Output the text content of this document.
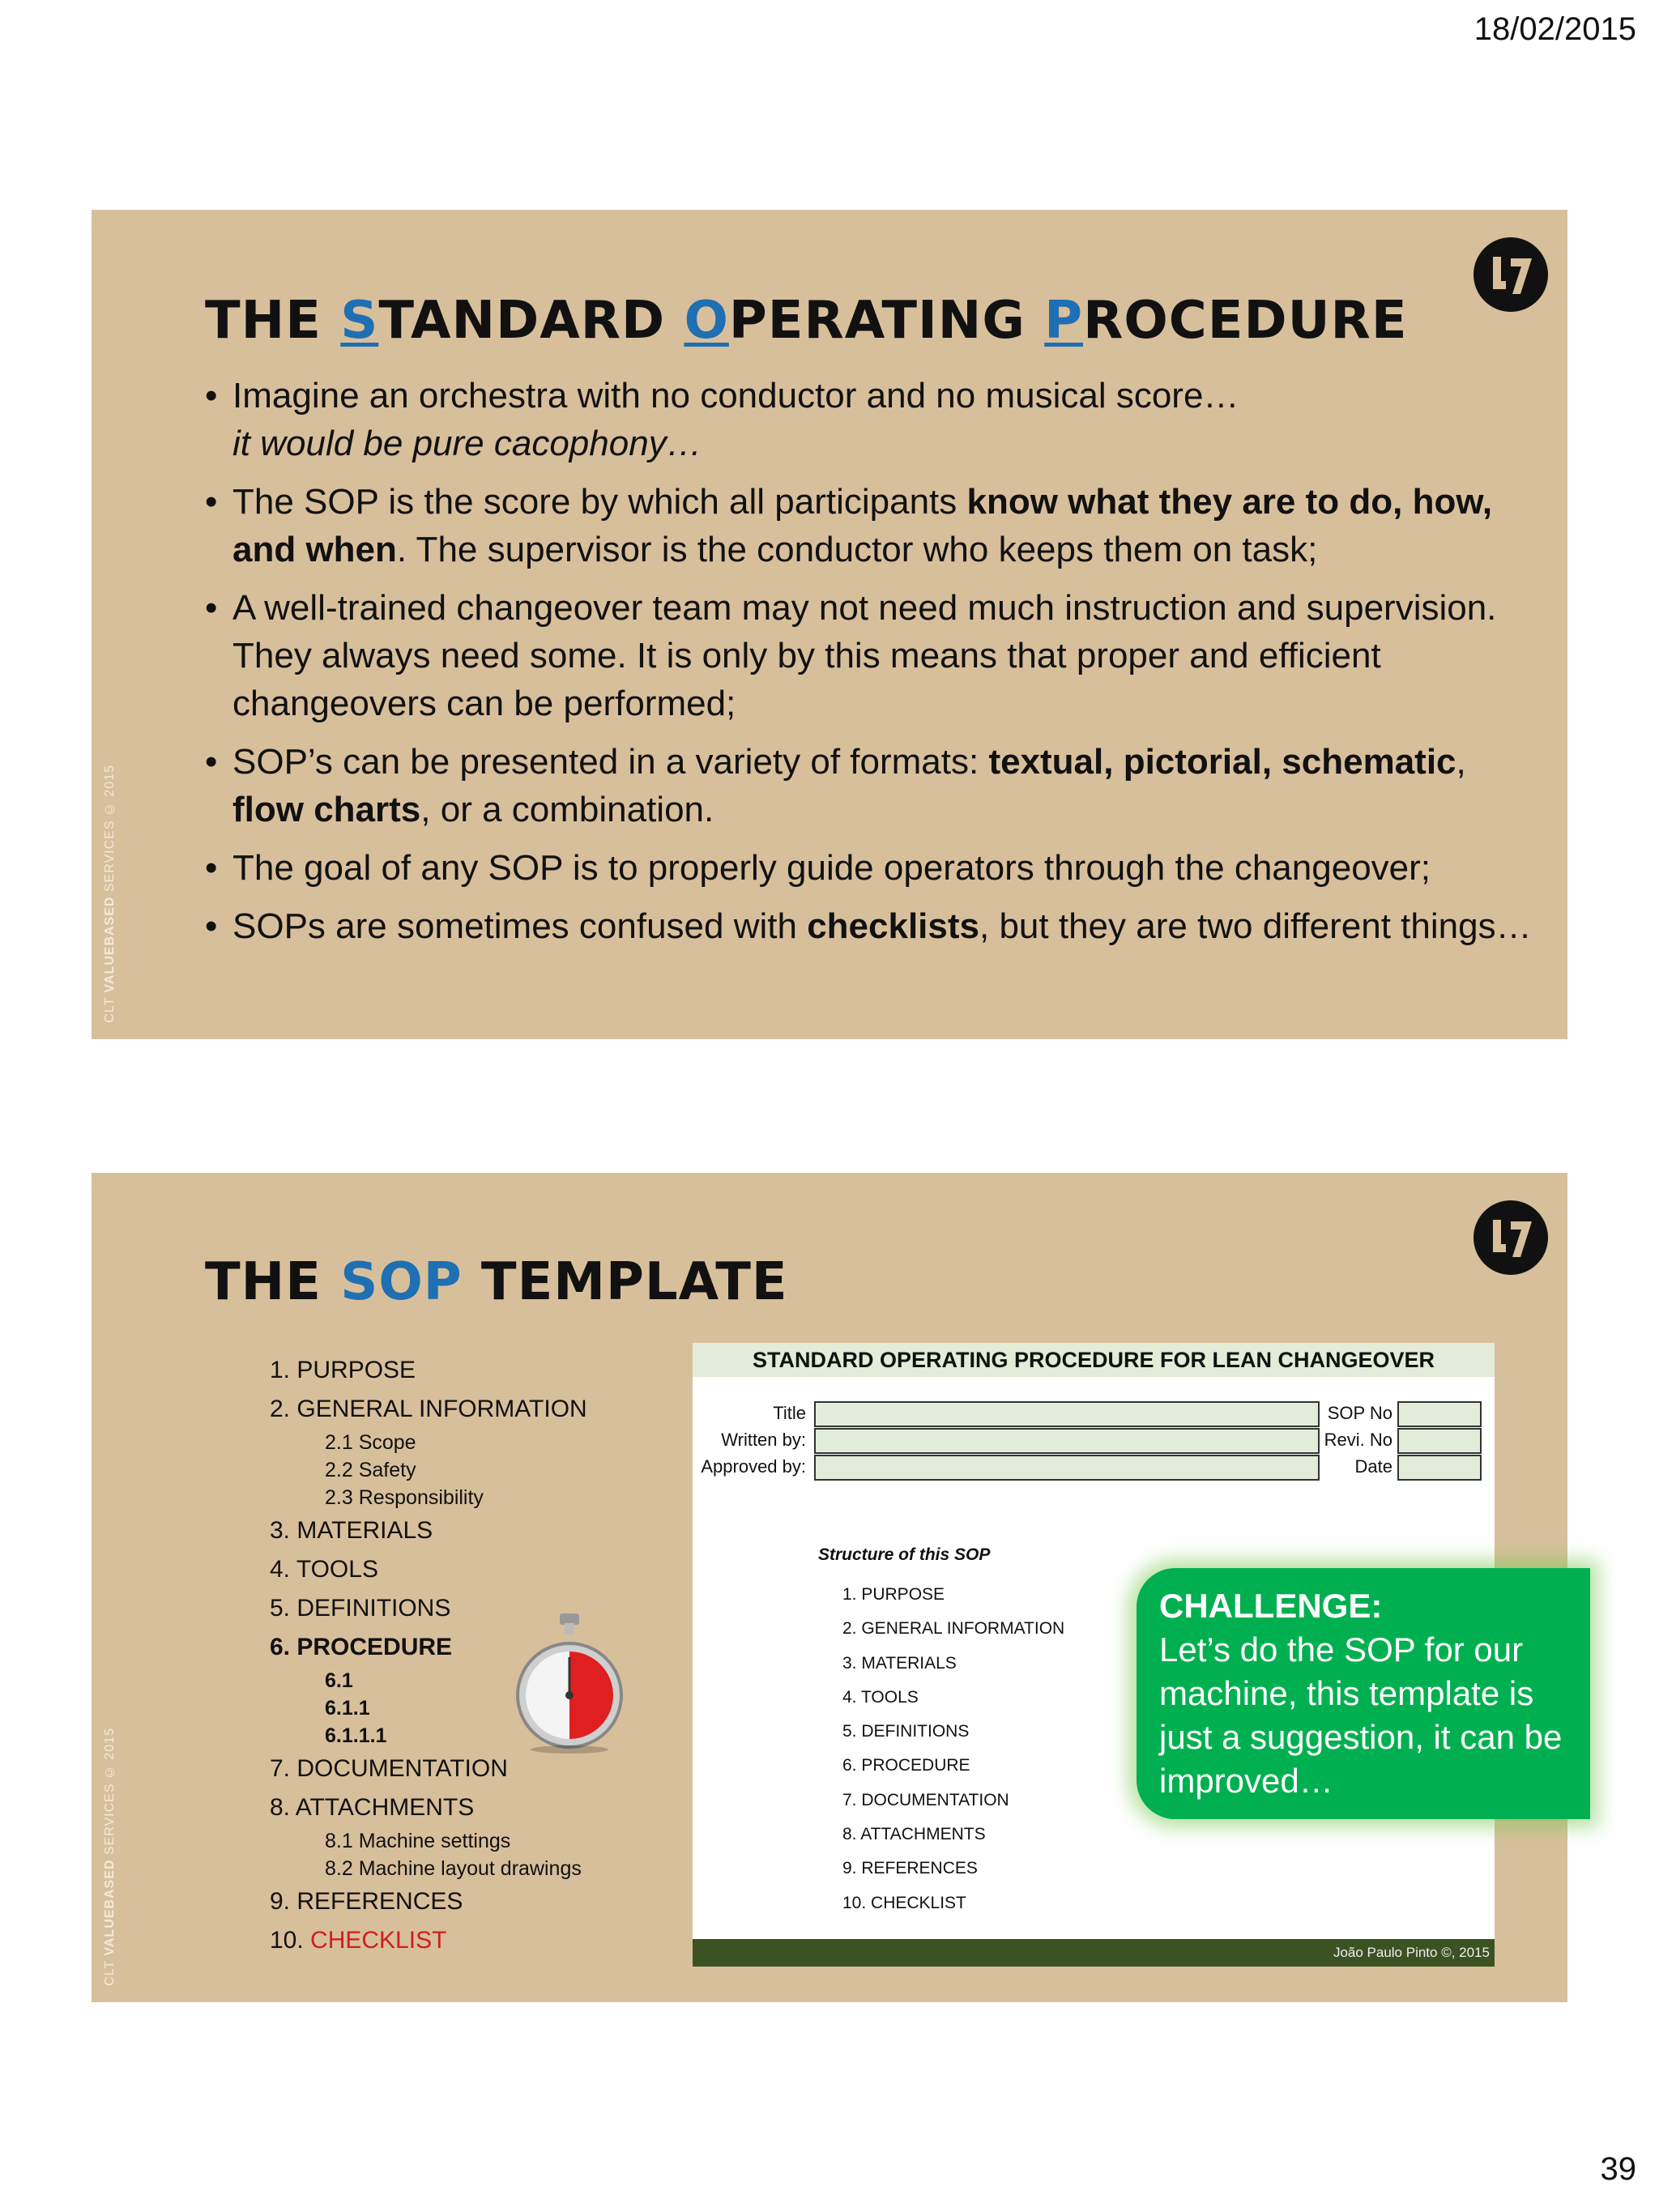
18/02/2015
CLT VALUEBASED SERVICES © 2015
THE STANDARD OPERATING PROCEDURE
• Imagine an orchestra with no conductor and no musical score…
it would be pure cacophony…
• The SOP is the score by which all participants know what they are to do, how, and when. The supervisor is the conductor who keeps them on task;
• A well-trained changeover team may not need much instruction and supervision. They always need some. It is only by this means that proper and efficient changeovers can be performed;
• SOP’s can be presented in a variety of formats: textual, pictorial, schematic, flow charts, or a combination.
• The goal of any SOP is to properly guide operators through the changeover;
• SOPs are sometimes confused with checklists, but they are two different things…
CLT VALUEBASED SERVICES © 2015
THE SOP TEMPLATE
1. PURPOSE
2. GENERAL INFORMATION
2.1 Scope
2.2 Safety
2.3 Responsibility
3. MATERIALS
4. TOOLS
5. DEFINITIONS
6. PROCEDURE
6.1
6.1.1
6.1.1.1
7. DOCUMENTATION
8. ATTACHMENTS
8.1 Machine settings
8.2 Machine layout drawings
9. REFERENCES
10. CHECKLIST
STANDARD OPERATING PROCEDURE FOR LEAN CHANGEOVER
Title	SOP No
Written by:	Revi. No
Approved by:	Date
Structure of this SOP
1. PURPOSE
2. GENERAL INFORMATION
3. MATERIALS
4. TOOLS
5. DEFINITIONS
6. PROCEDURE
7. DOCUMENTATION
8. ATTACHMENTS
9. REFERENCES
10. CHECKLIST
João Paulo Pinto ©, 2015
CHALLENGE:
Let’s do the SOP for our machine, this template is just a suggestion, it can be improved…
39
